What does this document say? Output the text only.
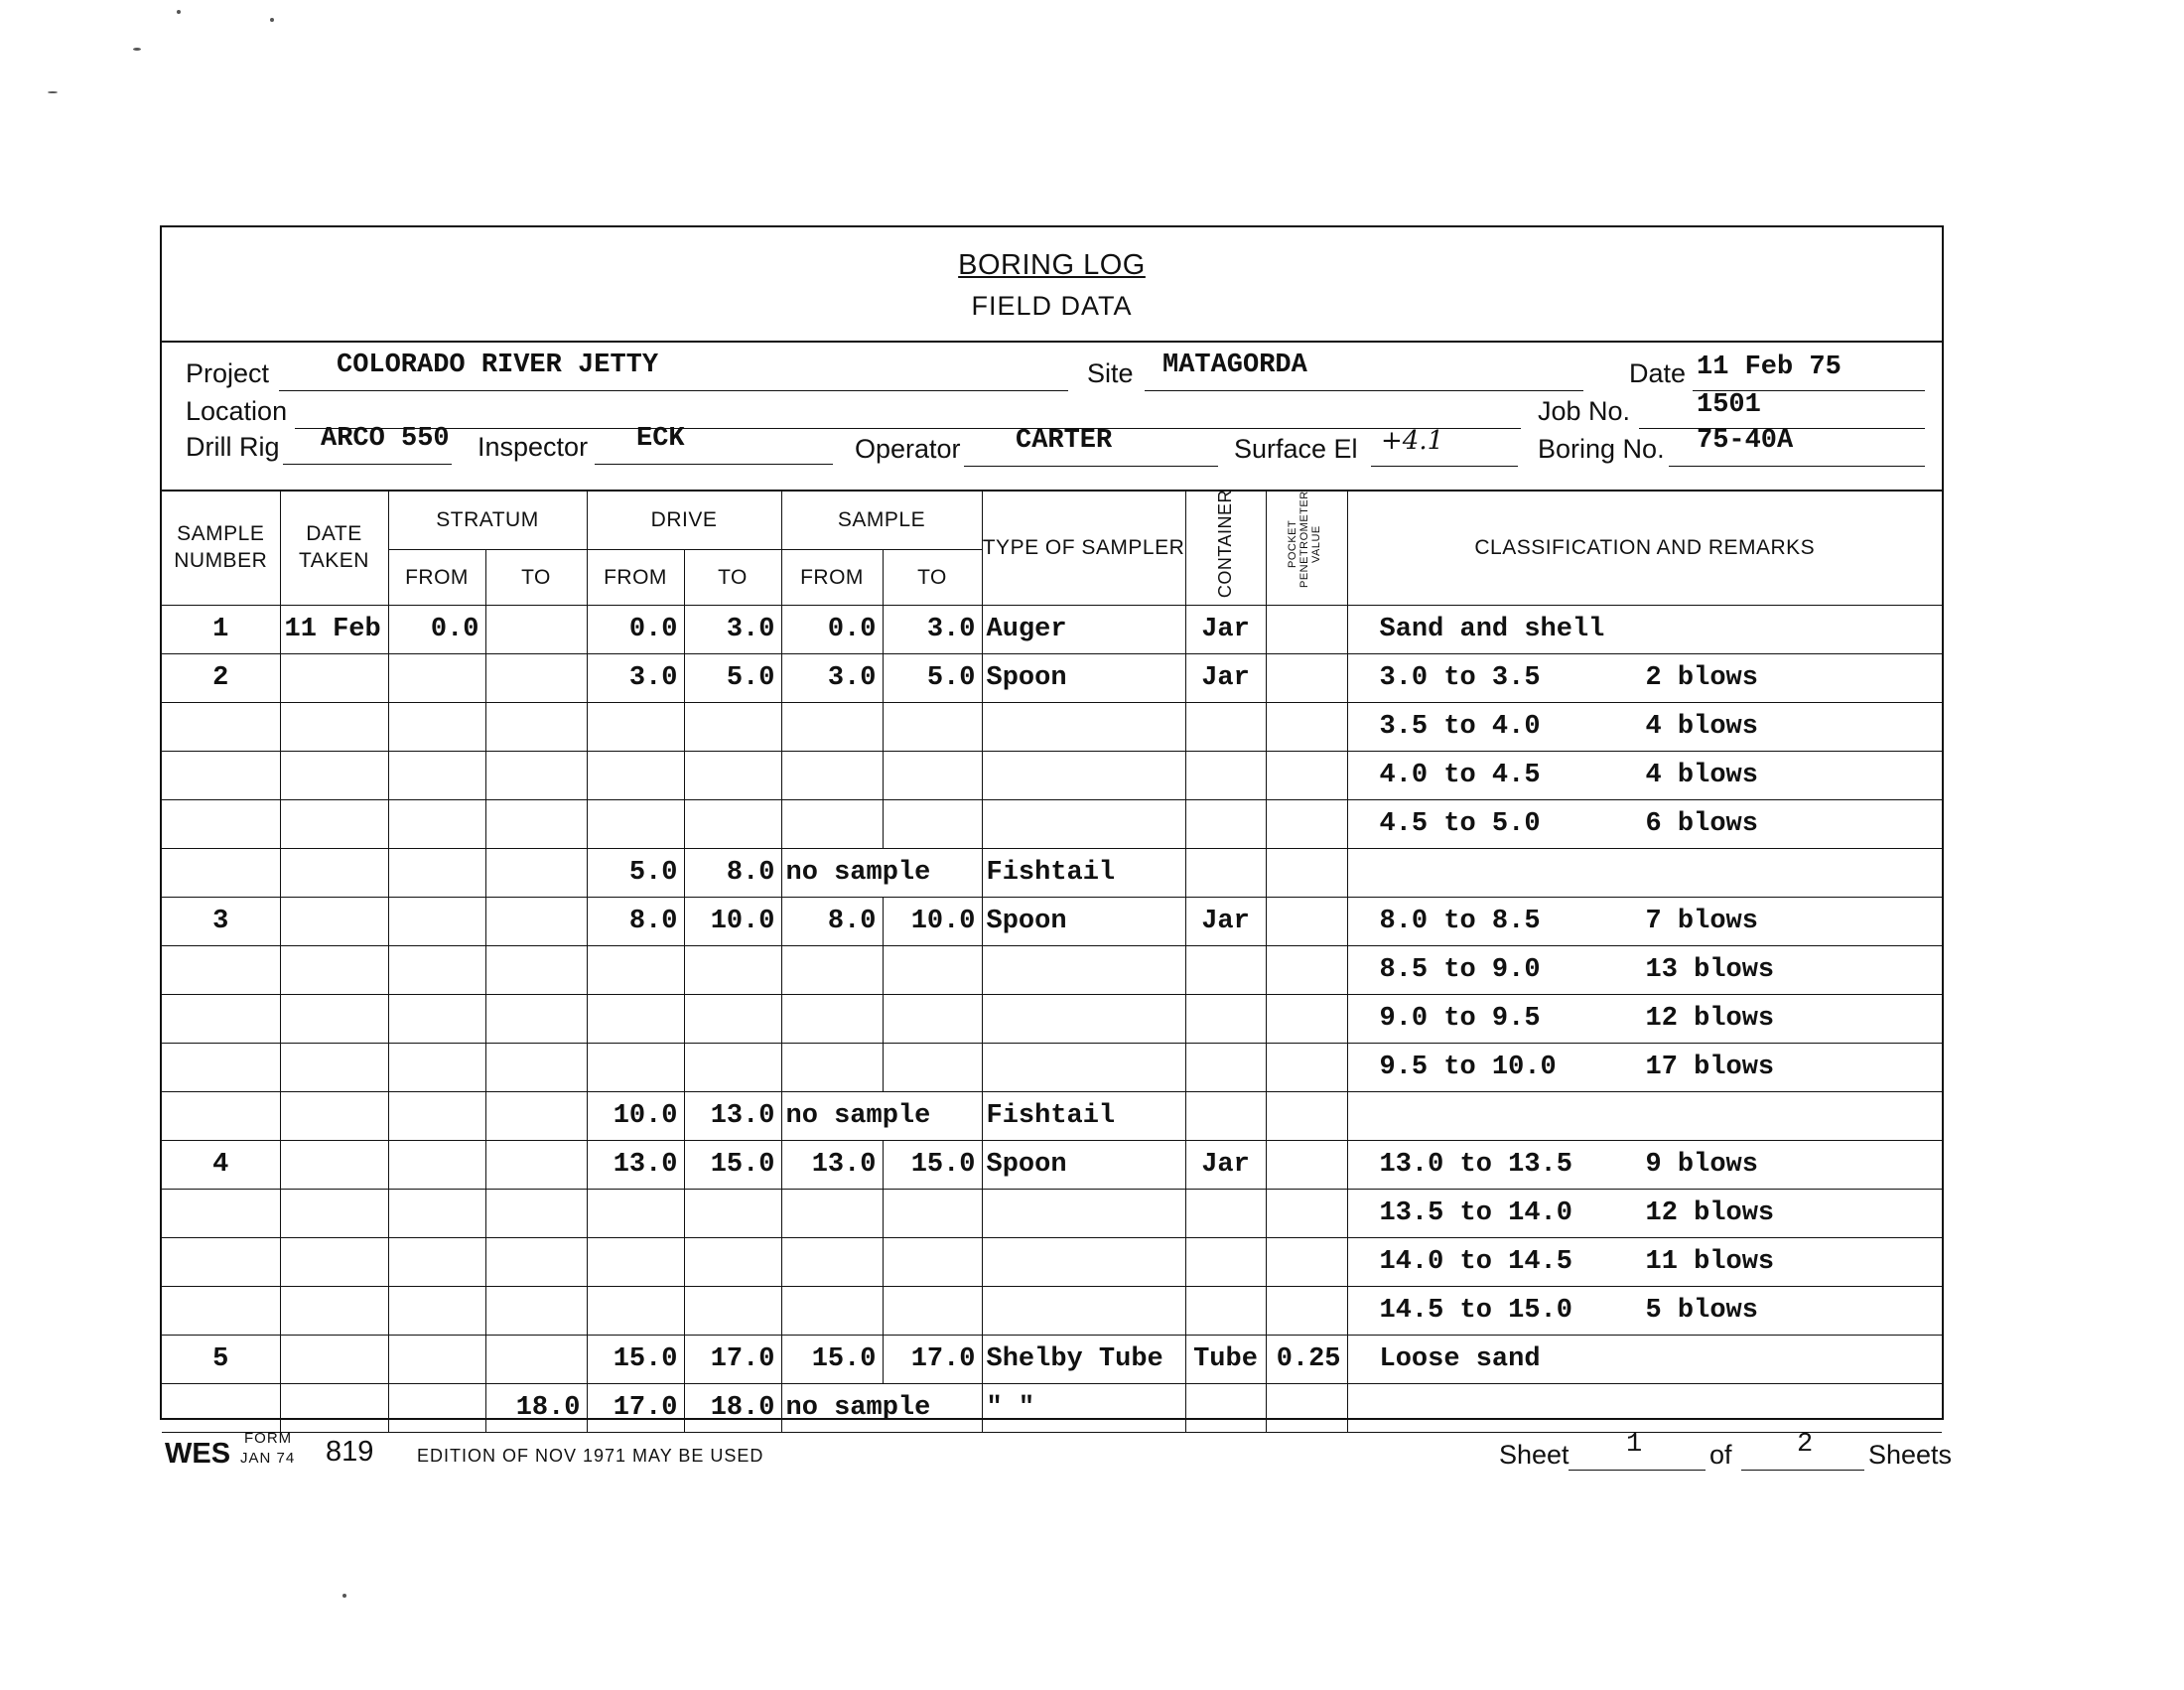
BORING LOG
FIELD DATA
Project	COLORADO RIVER JETTY	Site MATAGORDA	Date 11 Feb 75
Location	Job No. 1501
Drill Rig ARCO 550 Inspector ECK	Operator CARTER	Surface El +4.1	Boring No. 75-40A
SAMPLE NUMBER	DATE TAKEN	STRATUM		DRIVE		SAMPLE		TYPE OF SAMPLER	CONTAINER	POCKET PENETROMETER VALUE	CLASSIFICATION AND REMARKS
		FROM	TO	FROM	TO	FROM	TO				
1	11 Feb	0.0		0.0	3.0	0.0	3.0	Auger	Jar		Sand and shell
2				3.0	5.0	3.0	5.0	Spoon	Jar		3.0 to 3.5 2 blows
											3.5 to 4.0 4 blows
											4.0 to 4.5 4 blows
											4.5 to 5.0 6 blows
				5.0	8.0	no sample		Fishtail			
3				8.0	10.0	8.0	10.0	Spoon	Jar		8.0 to 8.5 7 blows
											8.5 to 9.0 13 blows
											9.0 to 9.5 12 blows
											9.5 to 10.0 17 blows
				10.0	13.0	no sample		Fishtail			
4				13.0	15.0	13.0	15.0	Spoon	Jar		13.0 to 13.5 9 blows
											13.5 to 14.0 12 blows
											14.0 to 14.5 11 blows
											14.5 to 15.0 5 blows
5				15.0	17.0	15.0	17.0	Shelby Tube	Tube	0.25	Loose sand
			18.0	17.0	18.0	no sample		" "			
WES FORM
JAN 74 819 EDITION OF NOV 1971 MAY BE USED	Sheet 1	of 2 Sheets
